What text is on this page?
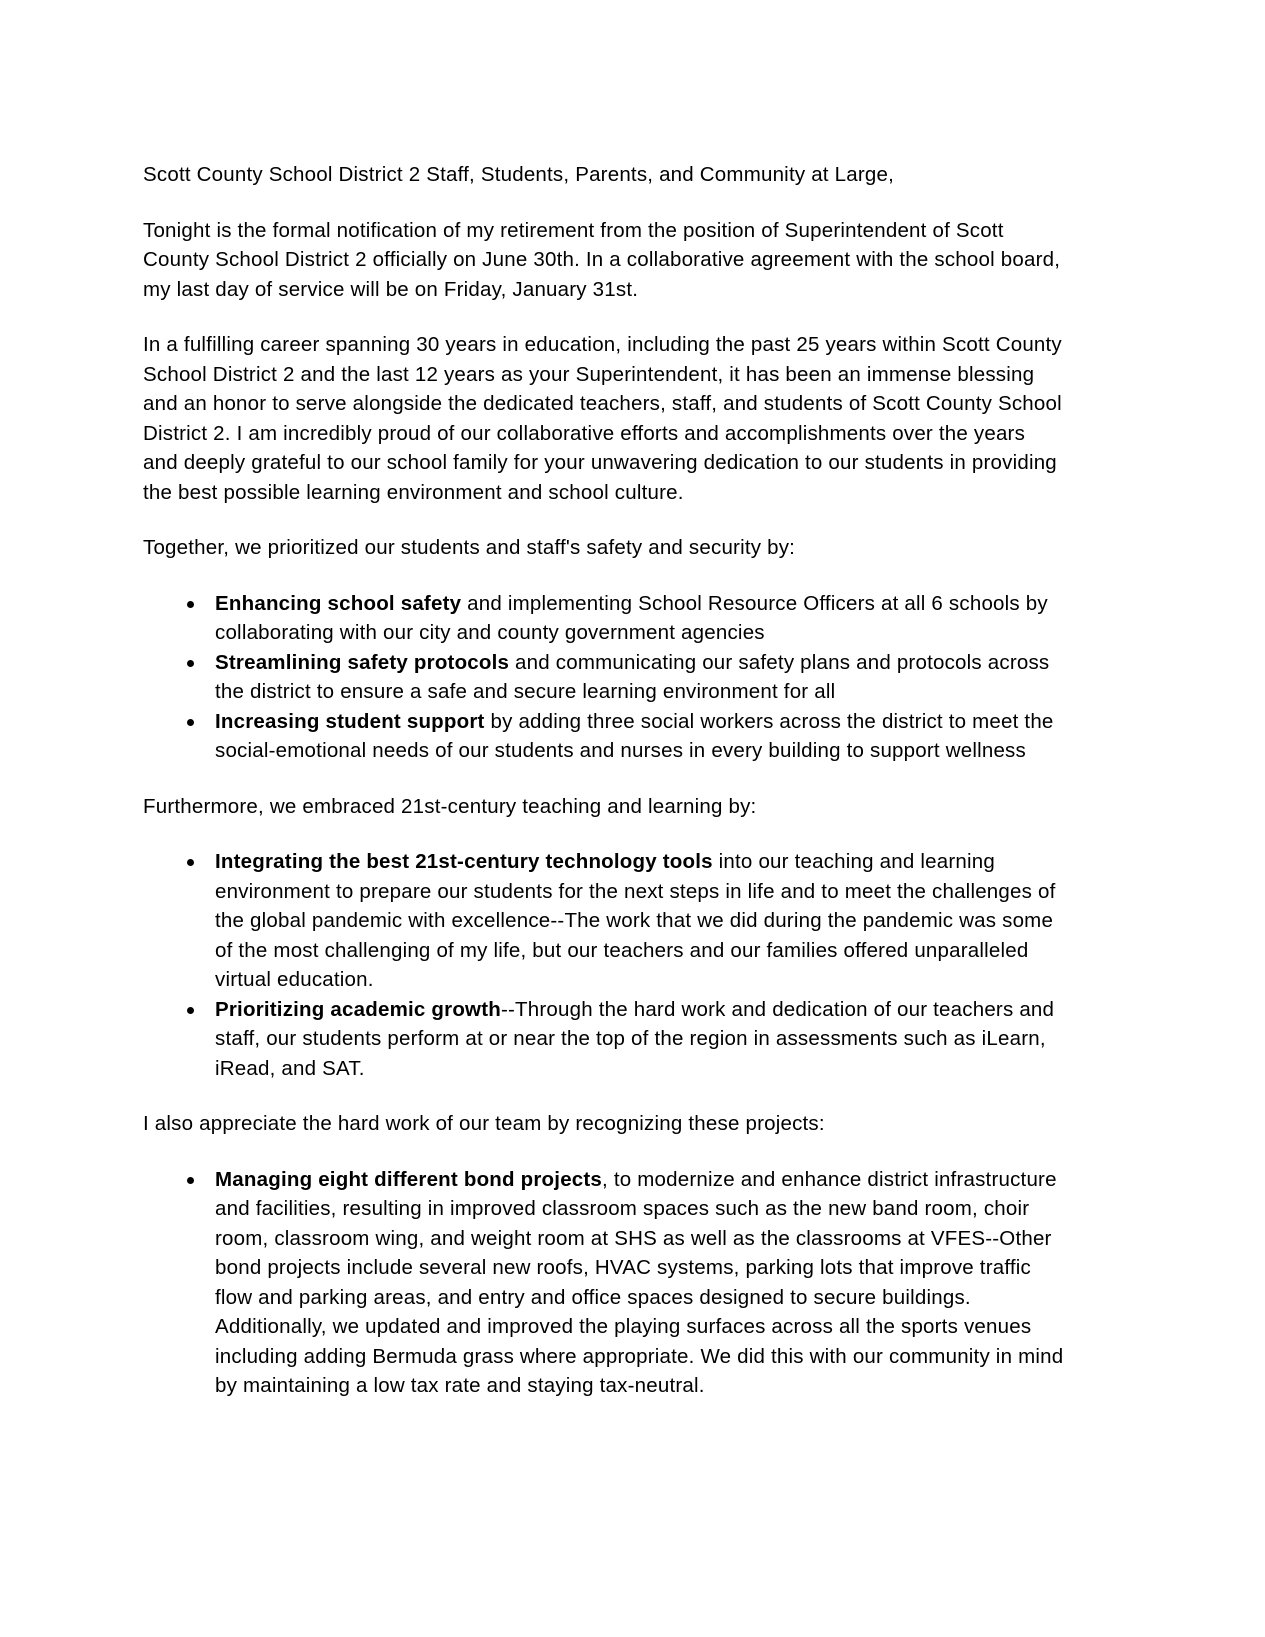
Scott County School District 2 Staff, Students, Parents, and Community at Large,

Tonight is the formal notification of my retirement from the position of Superintendent of Scott County School District 2 officially on June 30th. In a collaborative agreement with the school board, my last day of service will be on Friday, January 31st.

In a fulfilling career spanning 30 years in education, including the past 25 years within Scott County School District 2 and the last 12 years as your Superintendent, it has been an immense blessing and an honor to serve alongside the dedicated teachers, staff, and students of Scott County School District 2. I am incredibly proud of our collaborative efforts and accomplishments over the years and deeply grateful to our school family for your unwavering dedication to our students in providing the best possible learning environment and school culture.

Together, we prioritized our students and staff's safety and security by:

Enhancing school safety and implementing School Resource Officers at all 6 schools by collaborating with our city and county government agencies
Streamlining safety protocols and communicating our safety plans and protocols across the district to ensure a safe and secure learning environment for all
Increasing student support by adding three social workers across the district to meet the social-emotional needs of our students and nurses in every building to support wellness

Furthermore, we embraced 21st-century teaching and learning by:

Integrating the best 21st-century technology tools into our teaching and learning environment to prepare our students for the next steps in life and to meet the challenges of the global pandemic with excellence--The work that we did during the pandemic was some of the most challenging of my life, but our teachers and our families offered unparalleled virtual education.
Prioritizing academic growth--Through the hard work and dedication of our teachers and staff, our students perform at or near the top of the region in assessments such as iLearn, iRead, and SAT.

I also appreciate the hard work of our team by recognizing these projects:

Managing eight different bond projects, to modernize and enhance district infrastructure and facilities, resulting in improved classroom spaces such as the new band room, choir room, classroom wing, and weight room at SHS as well as the classrooms at VFES--Other bond projects include several new roofs, HVAC systems, parking lots that improve traffic flow and parking areas, and entry and office spaces designed to secure buildings. Additionally, we updated and improved the playing surfaces across all the sports venues including adding Bermuda grass where appropriate. We did this with our community in mind by maintaining a low tax rate and staying tax-neutral.
